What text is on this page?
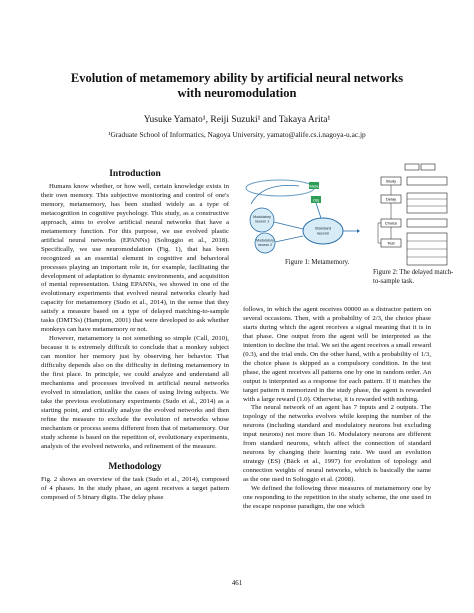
Evolution of metamemory ability by artificial neural networks with neuromodulation
Yusuke Yamato¹, Reiji Suzuki¹ and Takaya Arita¹
¹Graduate School of Informatics, Nagoya University, yamato@alife.cs.i.nagoya-u.ac.jp

Introduction

Humans know whether, or how well, certain knowledge exists in their own memory. This subjective monitoring and control of one's memory, metamemory, has been studied widely as a type of metacognition in cognitive psychology. This study, as a constructive approach, aims to evolve artificial neural networks that have a metamemory function. For this purpose, we use evolved plastic artificial neural networks (EPANNs) (Soltoggio et al., 2018). Specifically, we use neuromodulation (Fig. 1), that has been recognized as an essential element in cognitive and behavioral processes playing an important role in, for example, facilitating the development of adaptation to dynamic environments, and acquisition of mental representation. Using EPANNs, we showed in one of the evolutionary experiments that evolved neural networks clearly had capacity for metamemory (Sudo et al., 2014), in the sense that they satisfy a measure based on a type of delayed matching-to-sample tasks (DMTSs) (Hampton, 2001) that were developed to ask whether monkeys can have metamemory or not.

However, metamemory is not something so simple (Call, 2010), because it is extremely difficult to conclude that a monkey subject can monitor her memory just by observing her behavior. That difficulty depends also on the difficulty in defining metamemory in the first place. In principle, we could analyze and understand all mechanisms and processes involved in artificial neural networks evolved in simulation, unlike the cases of using living subjects. We take the previous evolutionary experiments (Sudo et al., 2014) as a starting point, and critically analyze the evolved networks and then refine the measure to exclude the evolution of networks whose mechanism or process seems different from that of metamemory. Our study scheme is based on the repetition of, evolutionary experiments, analysis of the evolved networks, and refinement of the measure.

Methodology

Fig. 2 shows an overview of the task (Sudo et al., 2014), composed of 4 phases. In the study phase, an agent receives a target pattern composed of 5 binary digits. The delay phase

Meta
Obj
Modulatory
neuron 1
Modulatory
neuron 2
Standard
neuron
Figure 1: Metamemory.
Study
Delay
Choice
Test
Figure 2: The delayed match-to-sample task.

follows, in which the agent receives 00000 as a distractor pattern on several occasions. Then, with a probability of 2/3, the choice phase starts during which the agent receives a signal meaning that it is in that phase. One output from the agent will be interpreted as the intention to decline the trial. We set the agent receives a small reward (0.3), and the trial ends. On the other hand, with a probability of 1/3, the choice phase is skipped as a compulsory condition. In the test phase, the agent receives all patterns one by one in random order. An output is interpreted as a response for each pattern. If it matches the target pattern it memorized in the study phase, the agent is rewarded with a large reward (1.0). Otherwise, it is rewarded with nothing.

The neural network of an agent has 7 inputs and 2 outputs. The topology of the networks evolves while keeping the number of the neurons (including standard and modulatory neurons but excluding input neurons) not more than 16. Modulatory neurons are different from standard neurons, which affect the connection of standard neurons by changing their learning rate. We used an evolution strategy (ES) (Bäck et al., 1997) for evolution of topology and connection weights of neural networks, which is basically the same as the one used in Soltoggio et al. (2008).

We defined the following three measures of metamemory one by one responding to the repetition in the study scheme, the one used in the escape response paradigm, the one which

461
